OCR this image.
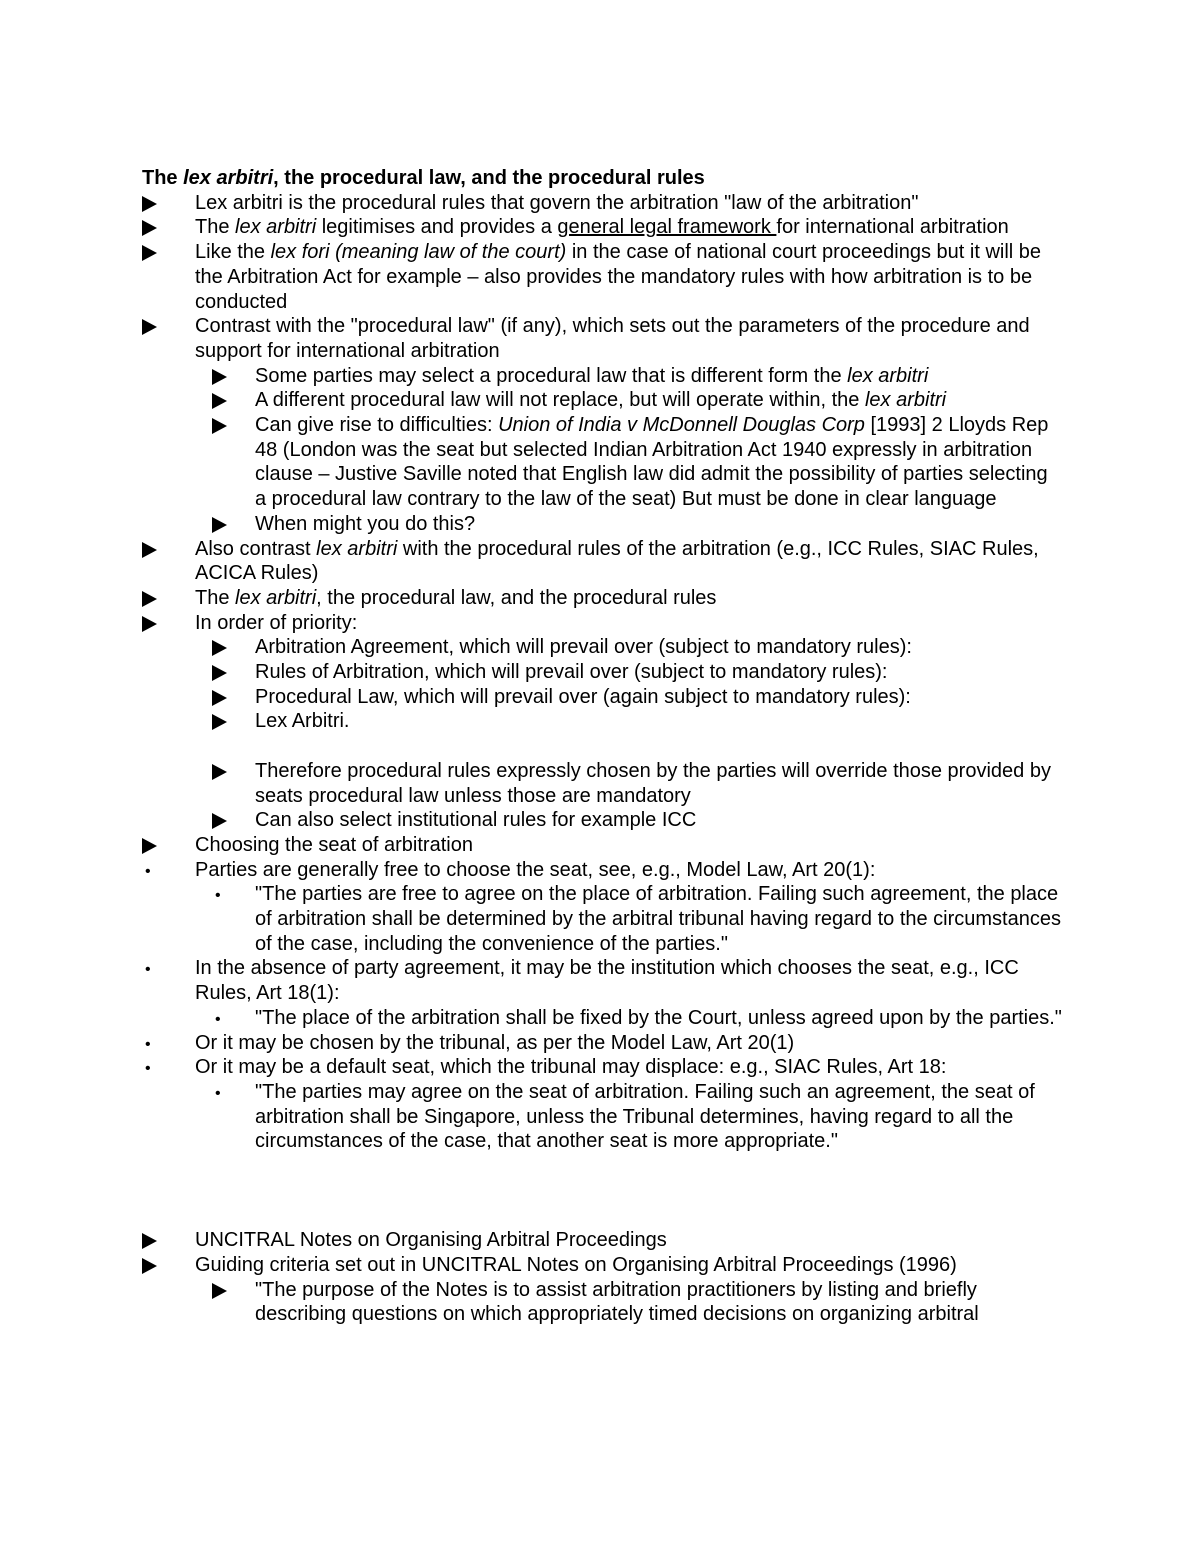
The lex arbitri, the procedural law, and the procedural rules

Lex arbitri is the procedural rules that govern the arbitration "law of the arbitration"
The lex arbitri legitimises and provides a general legal framework for international arbitration
Like the lex fori (meaning law of the court) in the case of national court proceedings but it will be the Arbitration Act for example – also provides the mandatory rules with how arbitration is to be conducted
Contrast with the "procedural law" (if any), which sets out the parameters of the procedure and support for international arbitration
Some parties may select a procedural law that is different form the lex arbitri
A different procedural law will not replace, but will operate within, the lex arbitri
Can give rise to difficulties: Union of India v McDonnell Douglas Corp [1993] 2 Lloyds Rep 48 (London was the seat but selected Indian Arbitration Act 1940 expressly in arbitration clause – Justive Saville noted that English law did admit the possibility of parties selecting a procedural law contrary to the law of the seat) But must be done in clear language
When might you do this?
Also contrast lex arbitri with the procedural rules of the arbitration (e.g., ICC Rules, SIAC Rules, ACICA Rules)
The lex arbitri, the procedural law, and the procedural rules
In order of priority:
Arbitration Agreement, which will prevail over (subject to mandatory rules):
Rules of Arbitration, which will prevail over (subject to mandatory rules):
Procedural Law, which will prevail over (again subject to mandatory rules):
Lex Arbitri.
Therefore procedural rules expressly chosen by the parties will override those provided by seats procedural law unless those are mandatory
Can also select institutional rules for example ICC
Choosing the seat of arbitration
• Parties are generally free to choose the seat, see, e.g., Model Law, Art 20(1):
• "The parties are free to agree on the place of arbitration. Failing such agreement, the place of arbitration shall be determined by the arbitral tribunal having regard to the circumstances of the case, including the convenience of the parties."
• In the absence of party agreement, it may be the institution which chooses the seat, e.g., ICC Rules, Art 18(1):
• "The place of the arbitration shall be fixed by the Court, unless agreed upon by the parties."
• Or it may be chosen by the tribunal, as per the Model Law, Art 20(1)
• Or it may be a default seat, which the tribunal may displace: e.g., SIAC Rules, Art 18:
• "The parties may agree on the seat of arbitration. Failing such an agreement, the seat of arbitration shall be Singapore, unless the Tribunal determines, having regard to all the circumstances of the case, that another seat is more appropriate."
UNCITRAL Notes on Organising Arbitral Proceedings
Guiding criteria set out in UNCITRAL Notes on Organising Arbitral Proceedings (1996)
"The purpose of the Notes is to assist arbitration practitioners by listing and briefly describing questions on which appropriately timed decisions on organizing arbitral
